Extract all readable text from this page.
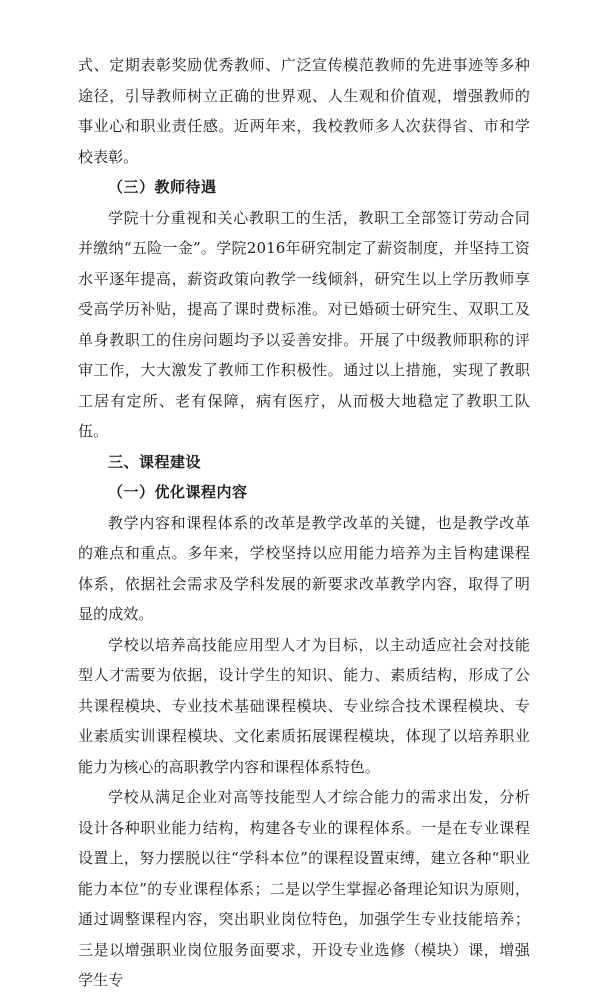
式、定期表彰奖励优秀教师、广泛宣传模范教师的先进事迹等多种途径，引导教师树立正确的世界观、人生观和价值观，增强教师的事业心和职业责任感。近两年来，我校教师多人次获得省、市和学校表彰。

（三）教师待遇

学院十分重视和关心教职工的生活，教职工全部签订劳动合同并缴纳“五险一金”。学院2016年研究制定了薪资制度，并坚持工资水平逐年提高，薪资政策向教学一线倾斜，研究生以上学历教师享受高学历补贴，提高了课时费标准。对已婚硕士研究生、双职工及单身教职工的住房问题均予以妥善安排。开展了中级教师职称的评审工作，大大激发了教师工作积极性。通过以上措施，实现了教职工居有定所、老有保障，病有医疗，从而极大地稳定了教职工队伍。

三、课程建设

（一）优化课程内容

教学内容和课程体系的改革是教学改革的关键，也是教学改革的难点和重点。多年来，学校坚持以应用能力培养为主旨构建课程体系，依据社会需求及学科发展的新要求改革教学内容，取得了明显的成效。

学校以培养高技能应用型人才为目标，以主动适应社会对技能型人才需要为依据，设计学生的知识、能力、素质结构，形成了公共课程模块、专业技术基础课程模块、专业综合技术课程模块、专业素质实训课程模块、文化素质拓展课程模块，体现了以培养职业能力为核心的高职教学内容和课程体系特色。

学校从满足企业对高等技能型人才综合能力的需求出发，分析设计各种职业能力结构，构建各专业的课程体系。一是在专业课程设置上，努力摆脱以往“学科本位”的课程设置束缚，建立各种“职业能力本位”的专业课程体系；二是以学生掌握必备理论知识为原则，通过调整课程内容，突出职业岗位特色，加强学生专业技能培养；三是以增强职业岗位服务面要求，开设专业选修（模块）课，增强学生专
